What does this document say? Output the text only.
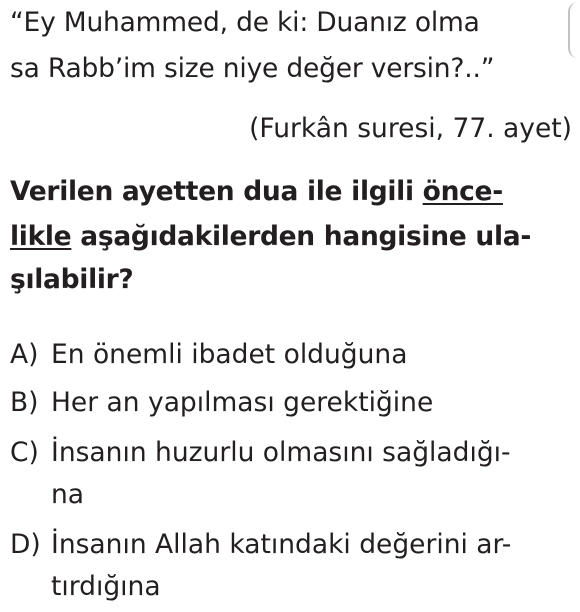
“Ey Muhammed, de ki: Duanız olma
sa Rabb’im size niye değer versin?..”
(Furkân suresi, 77. ayet)
Verilen ayetten dua ile ilgili önce-
likle aşağıdakilerden hangisine ula-
şılabilir?
A) En önemli ibadet olduğuna
B) Her an yapılması gerektiğine
C) İnsanın huzurlu olmasını sağladığı-
na
D) İnsanın Allah katındaki değerini ar-
tırdığına
